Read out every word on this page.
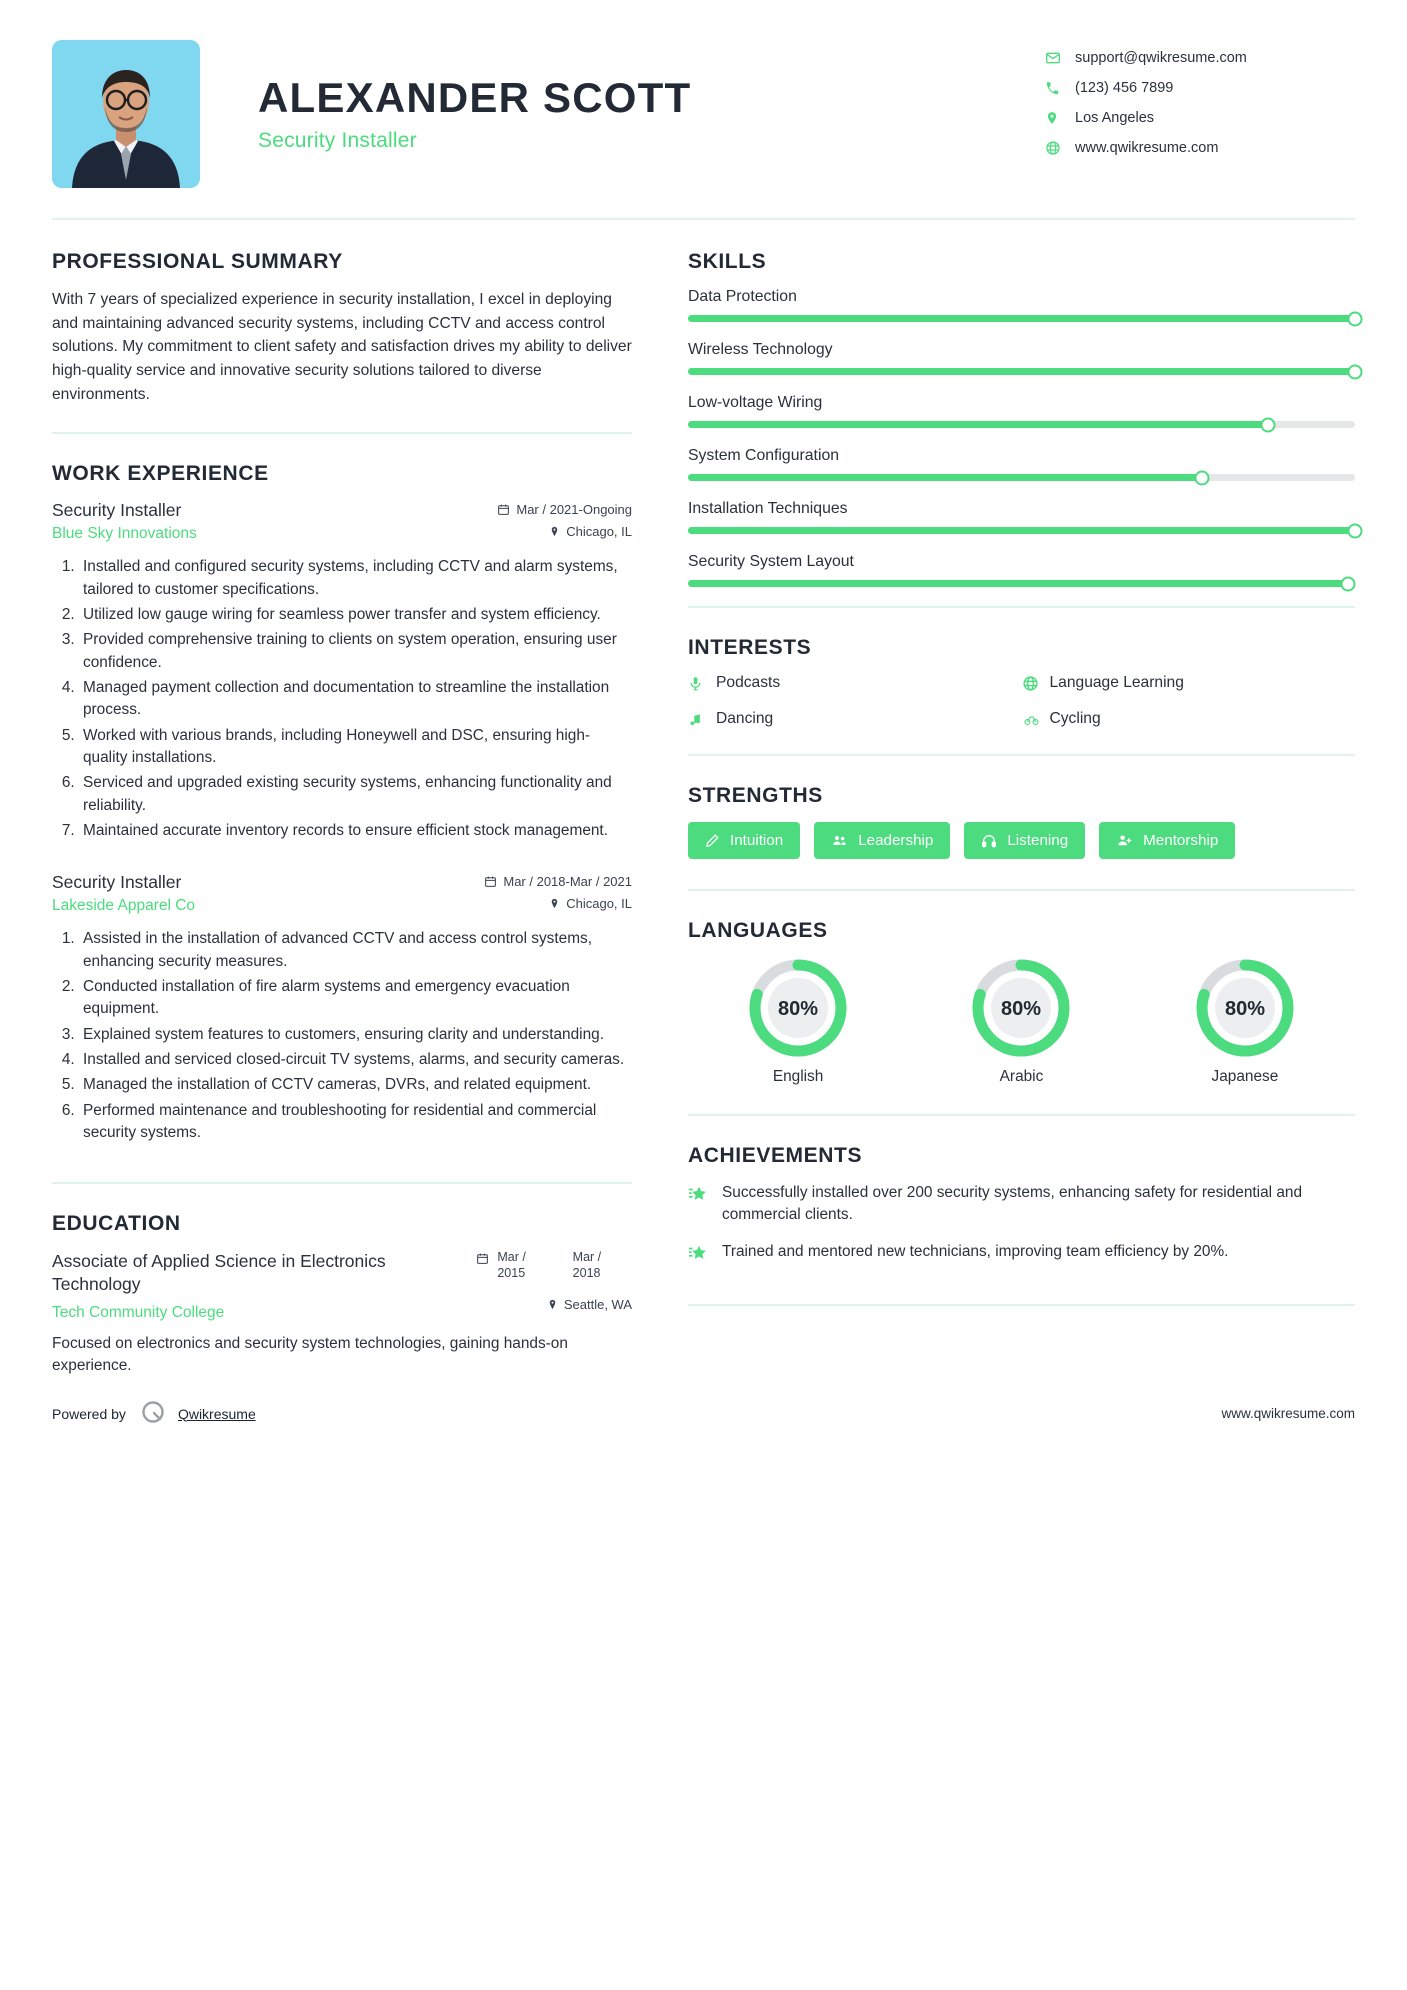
ALEXANDER SCOTT
Security Installer
support@qwikresume.com
(123) 456 7899
Los Angeles
www.qwikresume.com
PROFESSIONAL SUMMARY
With 7 years of specialized experience in security installation, I excel in deploying and maintaining advanced security systems, including CCTV and access control solutions. My commitment to client safety and satisfaction drives my ability to deliver high-quality service and innovative security solutions tailored to diverse environments.
WORK EXPERIENCE
Security Installer	Mar / 2021-Ongoing
Blue Sky Innovations	Chicago, IL
1. Installed and configured security systems, including CCTV and alarm systems, tailored to customer specifications.
2. Utilized low gauge wiring for seamless power transfer and system efficiency.
3. Provided comprehensive training to clients on system operation, ensuring user confidence.
4. Managed payment collection and documentation to streamline the installation process.
5. Worked with various brands, including Honeywell and DSC, ensuring high-quality installations.
6. Serviced and upgraded existing security systems, enhancing functionality and reliability.
7. Maintained accurate inventory records to ensure efficient stock management.
Security Installer	Mar / 2018-Mar / 2021
Lakeside Apparel Co	Chicago, IL
1. Assisted in the installation of advanced CCTV and access control systems, enhancing security measures.
2. Conducted installation of fire alarm systems and emergency evacuation equipment.
3. Explained system features to customers, ensuring clarity and understanding.
4. Installed and serviced closed-circuit TV systems, alarms, and security cameras.
5. Managed the installation of CCTV cameras, DVRs, and related equipment.
6. Performed maintenance and troubleshooting for residential and commercial security systems.
EDUCATION
Associate of Applied Science in Electronics Technology
Mar / 2015
Mar / 2018
Tech Community College	Seattle, WA
Focused on electronics and security system technologies, gaining hands-on experience.
SKILLS
Data Protection
Wireless Technology
Low-voltage Wiring
System Configuration
Installation Techniques
Security System Layout
INTERESTS
Podcasts	Language Learning
Dancing	Cycling
STRENGTHS
Intuition	Leadership	Listening	Mentorship
LANGUAGES
80%
English
80%
Arabic
80%
Japanese
ACHIEVEMENTS
Successfully installed over 200 security systems, enhancing safety for residential and commercial clients.
Trained and mentored new technicians, improving team efficiency by 20%.
Powered by	Qwikresume	www.qwikresume.com
